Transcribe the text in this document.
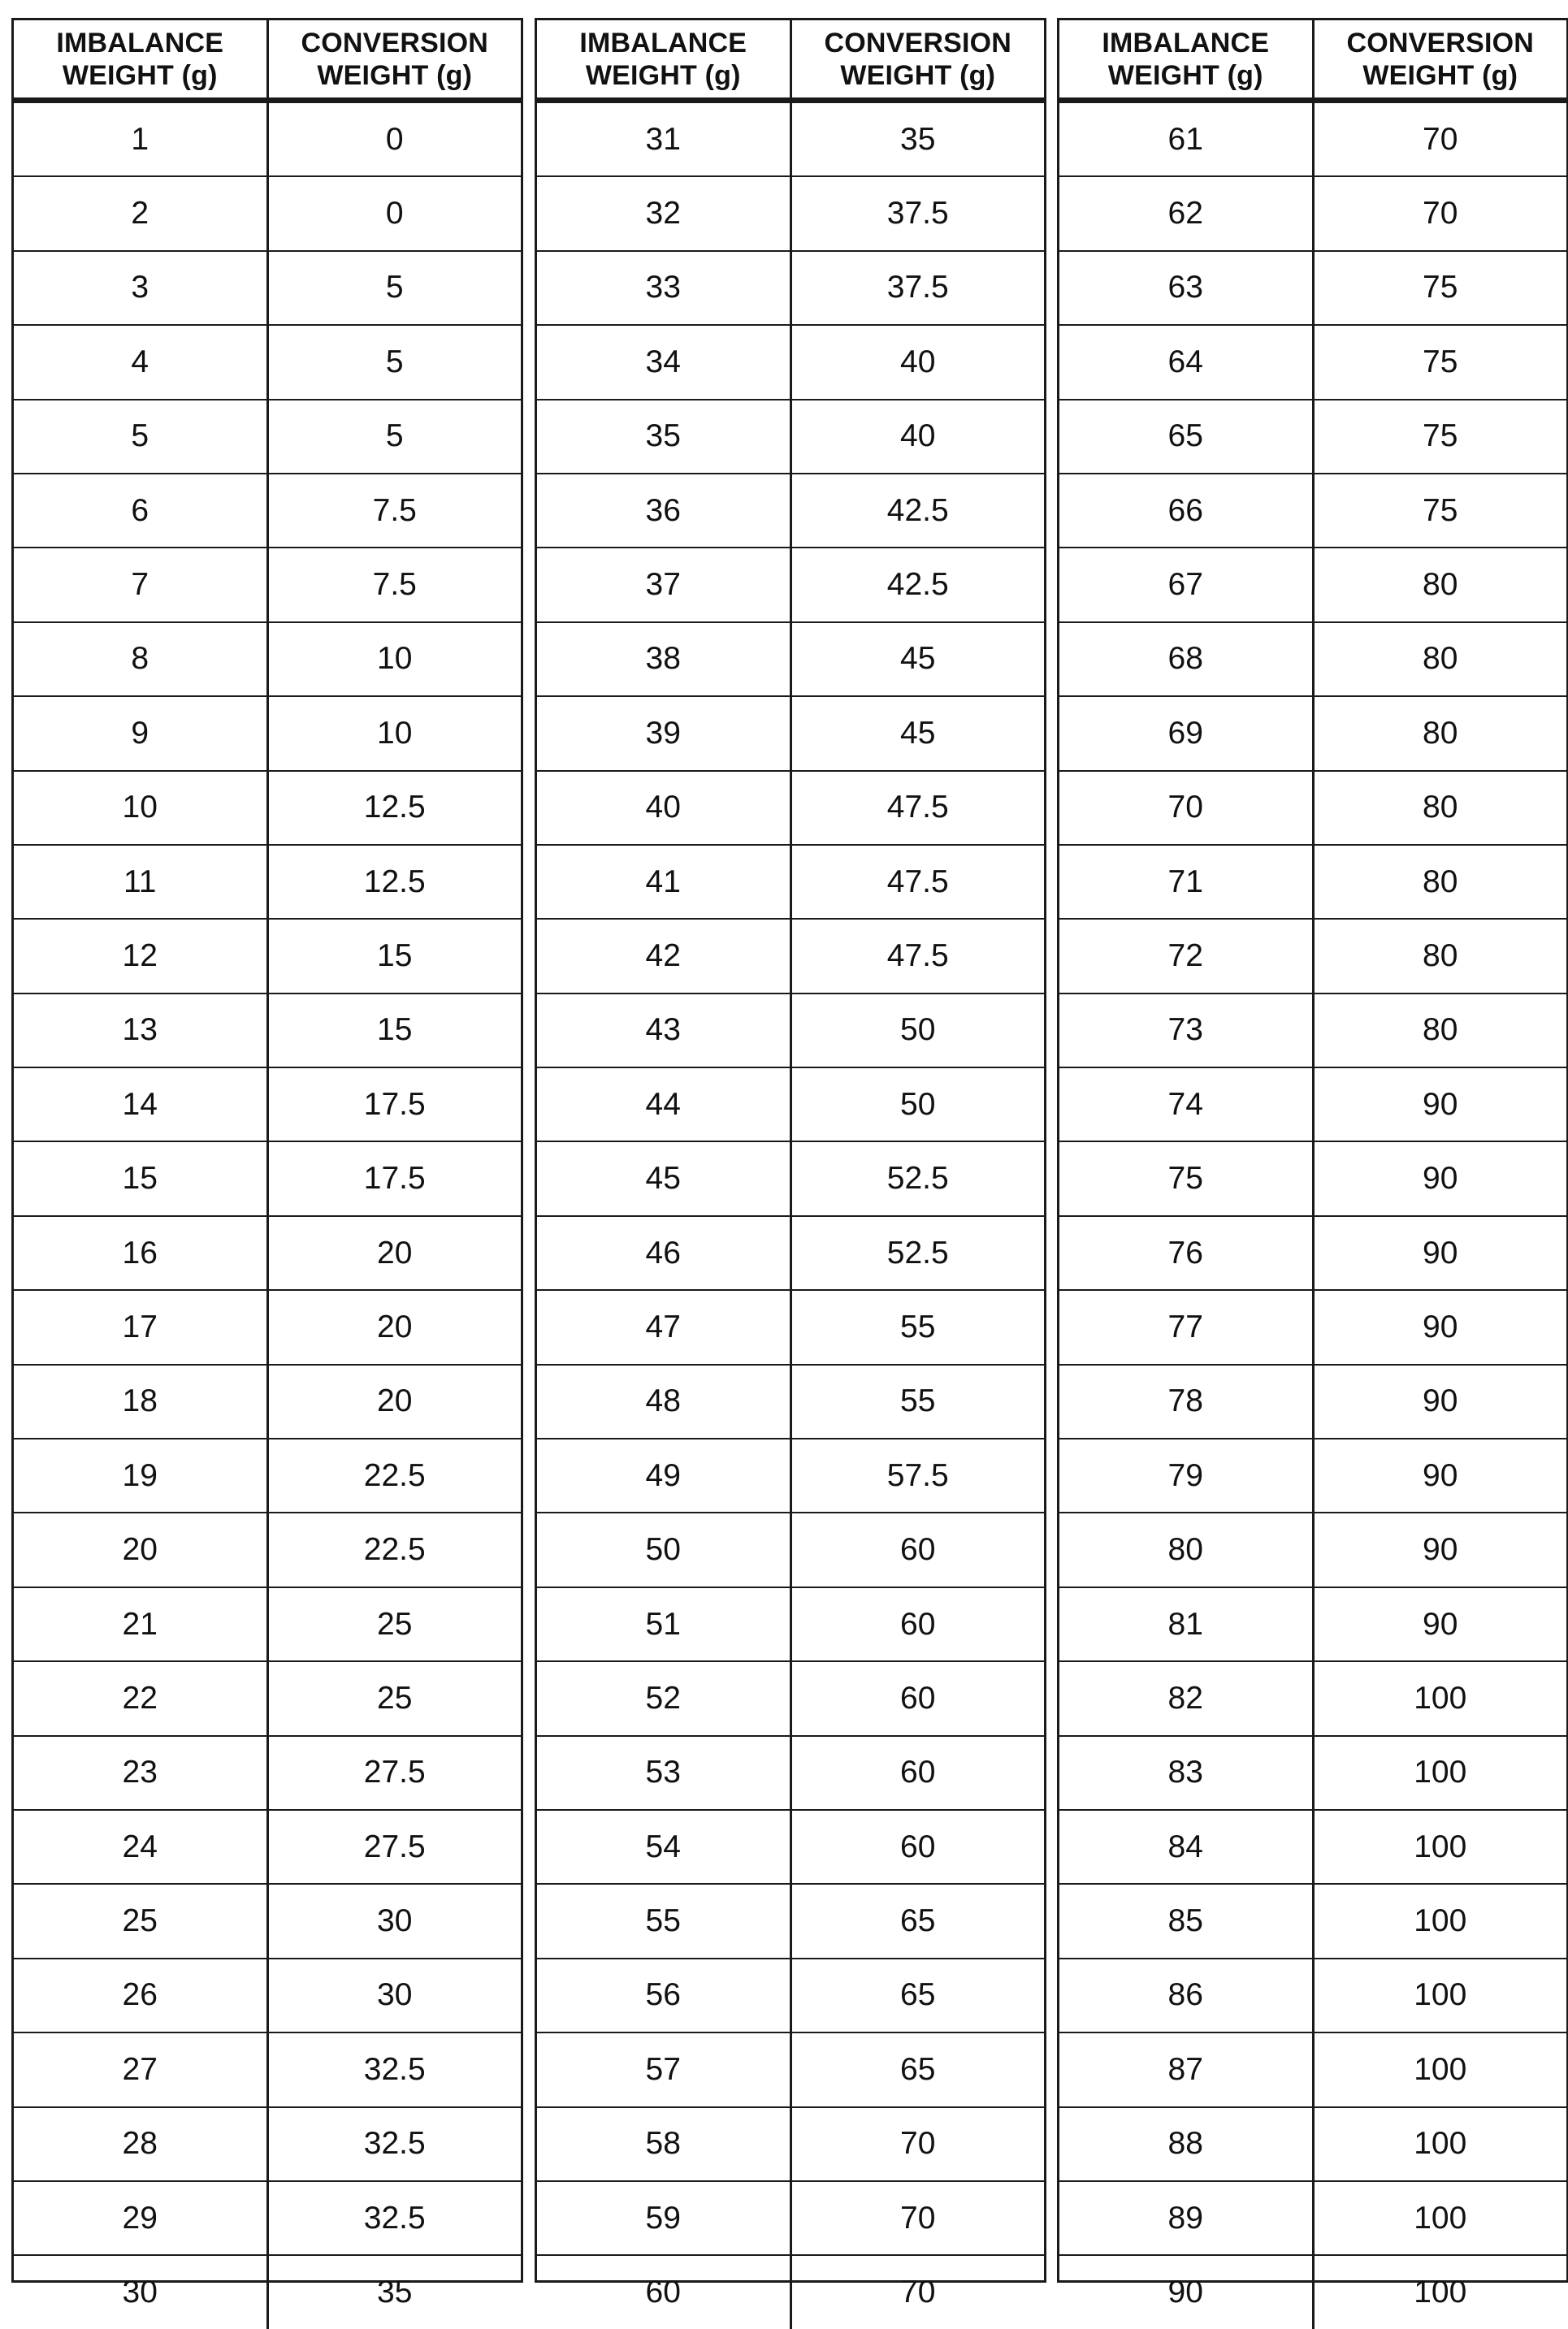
IMBALANCE
WEIGHT (g)	CONVERSION
WEIGHT (g)

1	0
2	0
3	5
4	5
5	5
6	7.5
7	7.5
8	10
9	10
10	12.5
11	12.5
12	15
13	15
14	17.5
15	17.5
16	20
17	20
18	20
19	22.5
20	22.5
21	25
22	25
23	27.5
24	27.5
25	30
26	30
27	32.5
28	32.5
29	32.5
30	35
IMBALANCE
WEIGHT (g)	CONVERSION
WEIGHT (g)

31	35
32	37.5
33	37.5
34	40
35	40
36	42.5
37	42.5
38	45
39	45
40	47.5
41	47.5
42	47.5
43	50
44	50
45	52.5
46	52.5
47	55
48	55
49	57.5
50	60
51	60
52	60
53	60
54	60
55	65
56	65
57	65
58	70
59	70
60	70
IMBALANCE
WEIGHT (g)	CONVERSION
WEIGHT (g)

61	70
62	70
63	75
64	75
65	75
66	75
67	80
68	80
69	80
70	80
71	80
72	80
73	80
74	90
75	90
76	90
77	90
78	90
79	90
80	90
81	90
82	100
83	100
84	100
85	100
86	100
87	100
88	100
89	100
90	100
